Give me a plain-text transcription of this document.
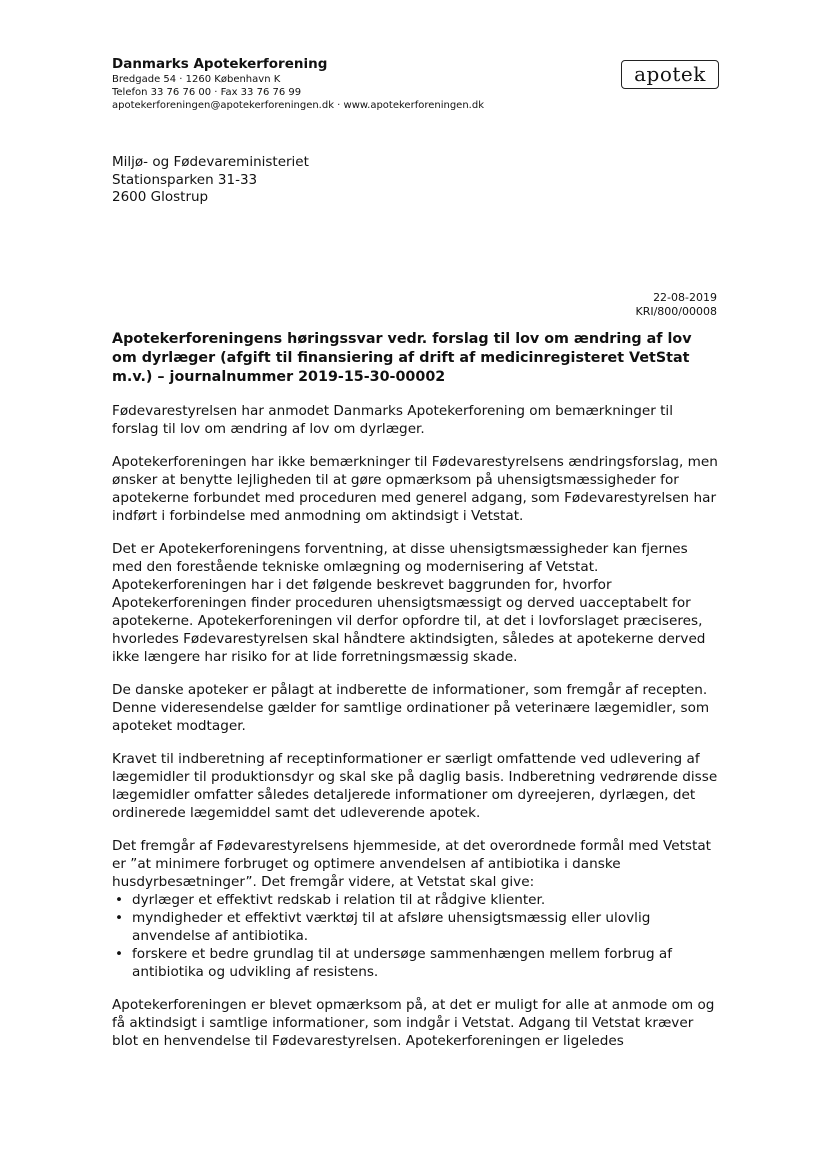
Danmarks Apotekerforening
Bredgade 54 · 1260 København K
Telefon 33 76 76 00 · Fax 33 76 76 99
apotekerforeningen@apotekerforeningen.dk · www.apotekerforeningen.dk
apotek
Miljø- og Fødevareministeriet
Stationsparken 31-33
2600 Glostrup
22-08-2019
KRI/800/00008
Apotekerforeningens høringssvar vedr. forslag til lov om ændring af lov om dyrlæger (afgift til finansiering af drift af medicinregisteret VetStat m.v.) – journalnummer 2019-15-30-00002

Fødevarestyrelsen har anmodet Danmarks Apotekerforening om bemærkninger til forslag til lov om ændring af lov om dyrlæger.

Apotekerforeningen har ikke bemærkninger til Fødevarestyrelsens ændringsforslag, men ønsker at benytte lejligheden til at gøre opmærksom på uhensigtsmæssigheder for apotekerne forbundet med proceduren med generel adgang, som Fødevarestyrelsen har indført i forbindelse med anmodning om aktindsigt i Vetstat.

Det er Apotekerforeningens forventning, at disse uhensigtsmæssigheder kan fjernes med den forestående tekniske omlægning og modernisering af Vetstat. Apotekerforeningen har i det følgende beskrevet baggrunden for, hvorfor Apotekerforeningen finder proceduren uhensigtsmæssigt og derved uacceptabelt for apotekerne. Apotekerforeningen vil derfor opfordre til, at det i lovforslaget præciseres, hvorledes Fødevarestyrelsen skal håndtere aktindsigten, således at apotekerne derved ikke længere har risiko for at lide forretningsmæssig skade.

De danske apoteker er pålagt at indberette de informationer, som fremgår af recepten. Denne videresendelse gælder for samtlige ordinationer på veterinære lægemidler, som apoteket modtager.

Kravet til indberetning af receptinformationer er særligt omfattende ved udlevering af lægemidler til produktionsdyr og skal ske på daglig basis. Indberetning vedrørende disse lægemidler omfatter således detaljerede informationer om dyreejeren, dyrlægen, det ordinerede lægemiddel samt det udleverende apotek.

Det fremgår af Fødevarestyrelsens hjemmeside, at det overordnede formål med Vetstat er ”at minimere forbruget og optimere anvendelsen af antibiotika i danske husdyrbesætninger”. Det fremgår videre, at Vetstat skal give:

• dyrlæger et effektivt redskab i relation til at rådgive klienter.
• myndigheder et effektivt værktøj til at afsløre uhensigtsmæssig eller ulovlig anvendelse af antibiotika.
• forskere et bedre grundlag til at undersøge sammenhængen mellem forbrug af antibiotika og udvikling af resistens.

Apotekerforeningen er blevet opmærksom på, at det er muligt for alle at anmode om og få aktindsigt i samtlige informationer, som indgår i Vetstat. Adgang til Vetstat kræver blot en henvendelse til Fødevarestyrelsen. Apotekerforeningen er ligeledes
